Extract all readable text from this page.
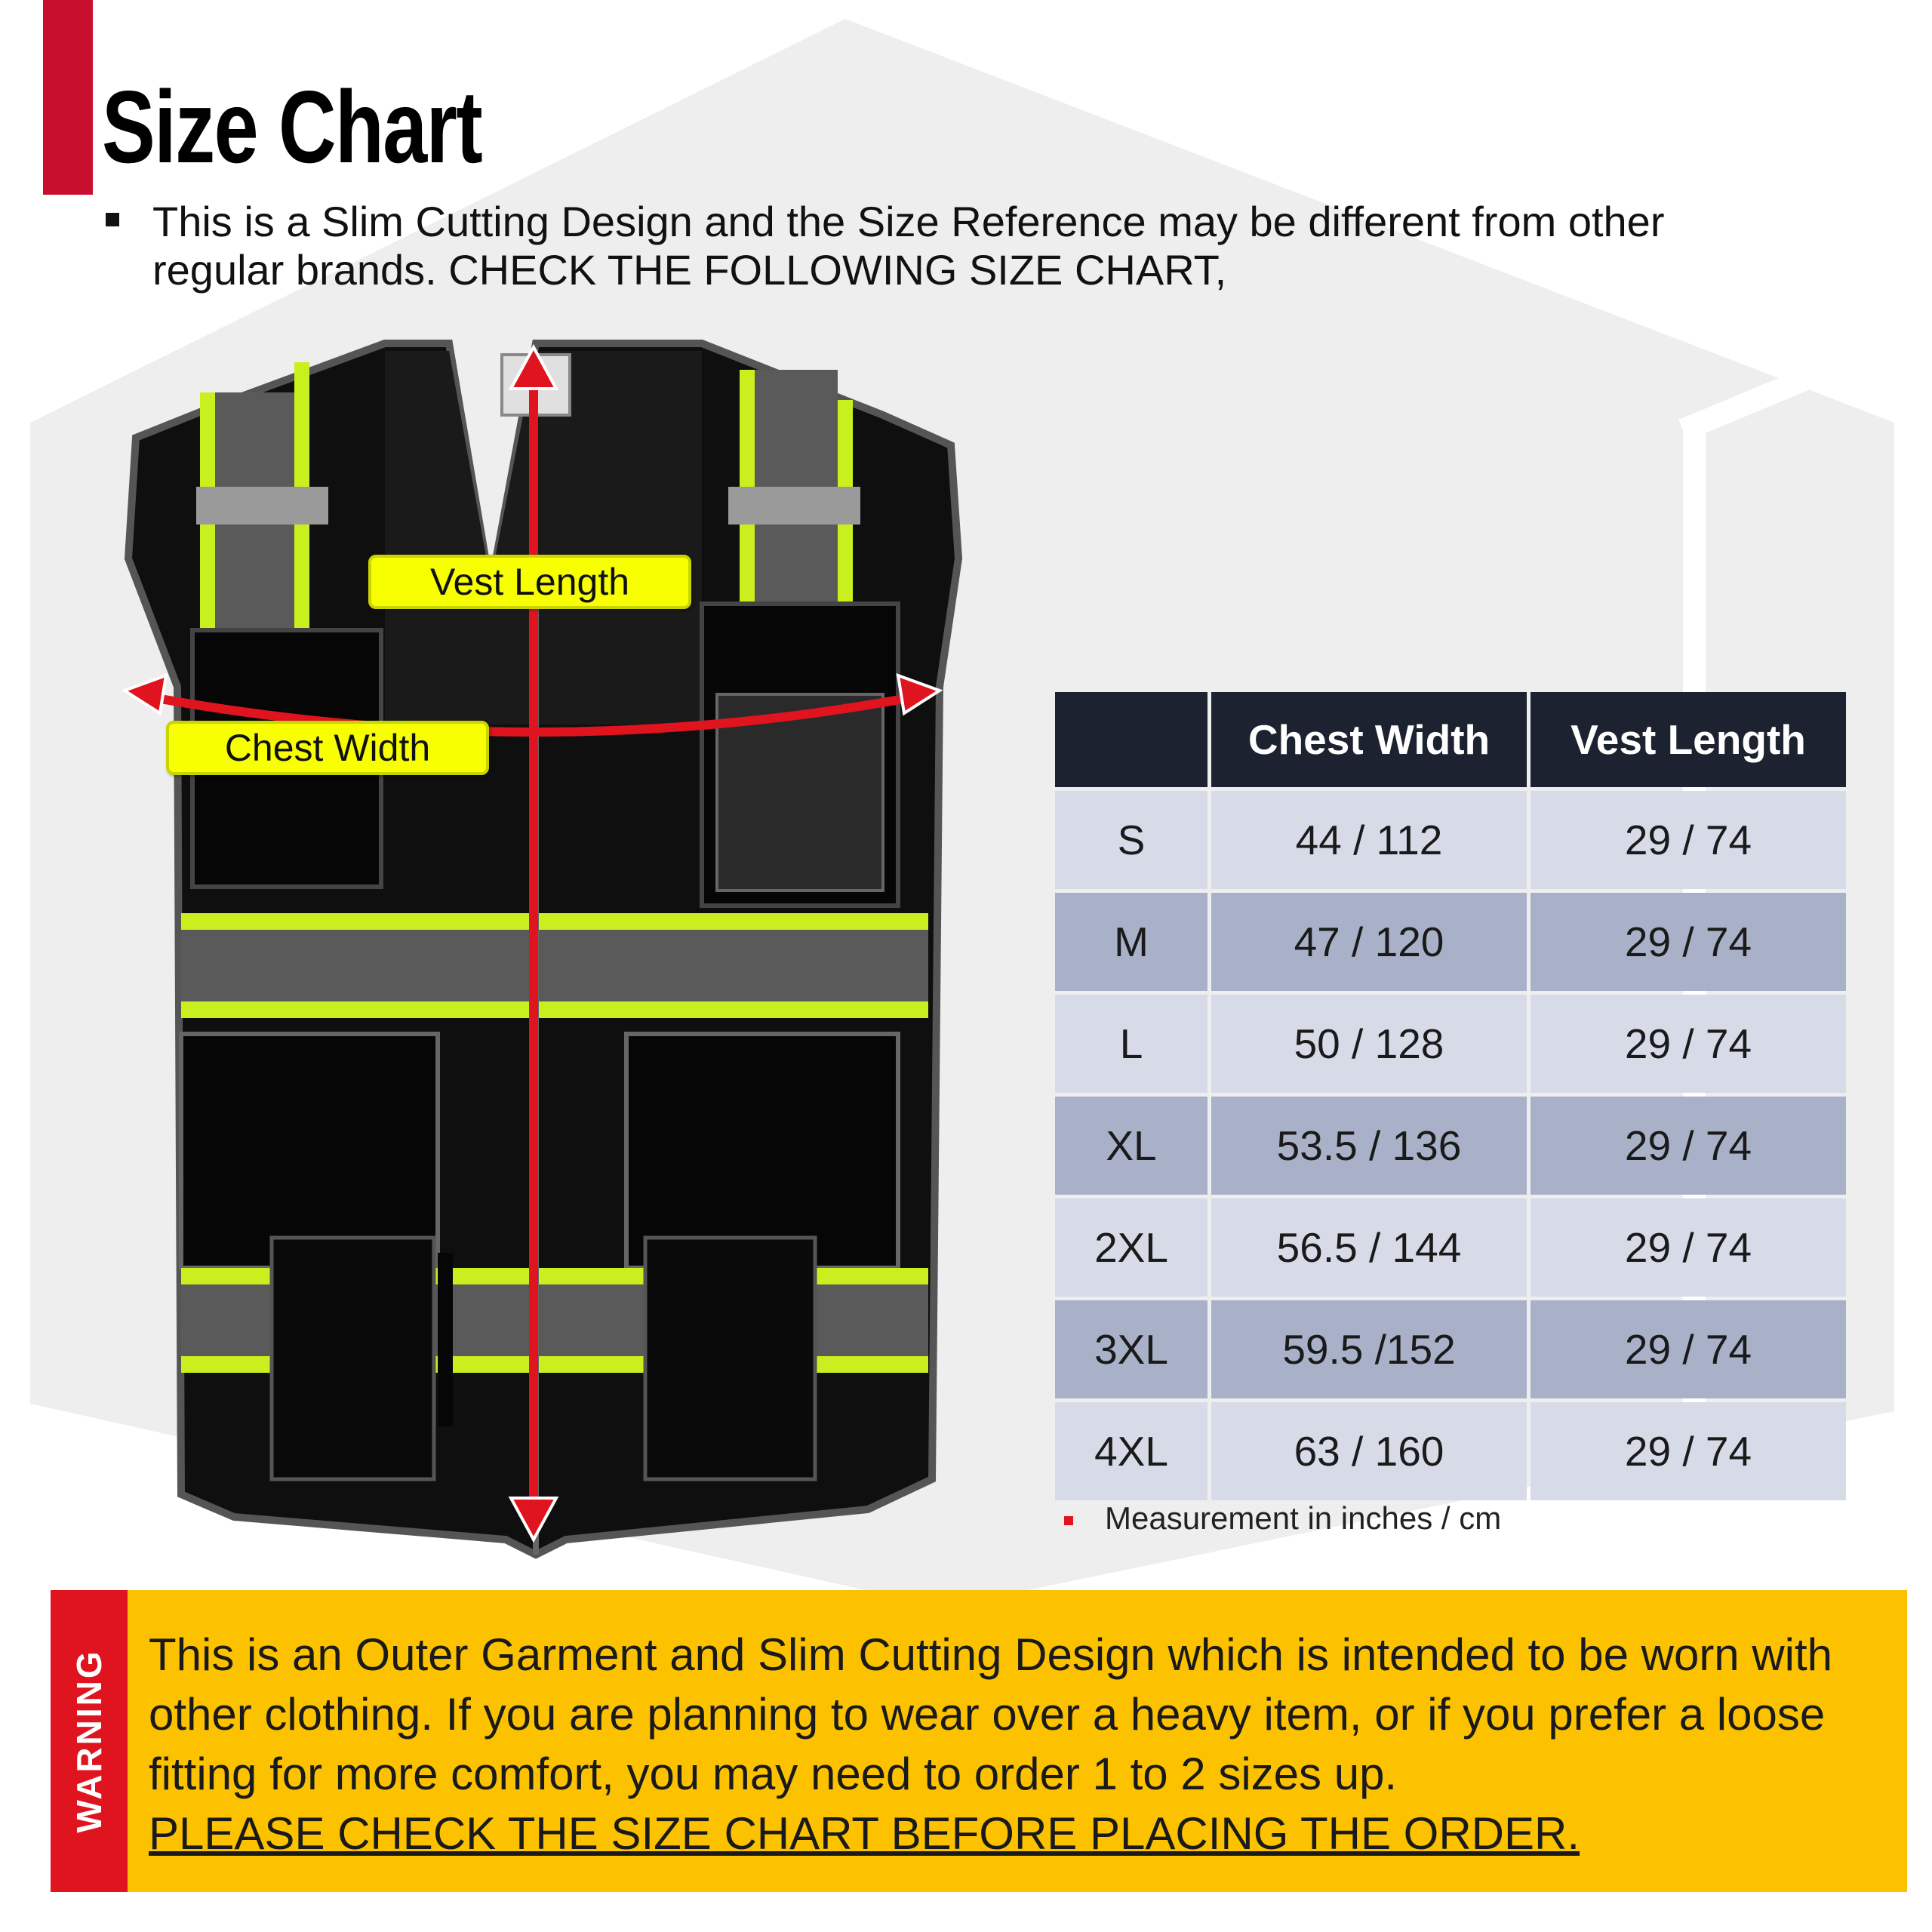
Size Chart
This is a Slim Cutting Design and the Size Reference may be different from other regular brands. CHECK THE FOLLOWING SIZE CHART,
Vest Length
Chest Width
		Chest Width	Vest Length
S	44 / 112	29 / 74
M	47 / 120	29 / 74
L	50 / 128	29 / 74
XL	53.5 / 136	29 / 74
2XL	56.5 / 144	29 / 74
3XL	59.5 /152	29 / 74
4XL	63 / 160	29 / 74
Measurement in inches / cm
WARNING This is an Outer Garment and Slim Cutting Design which is intended to be worn with other clothing. If you are planning to wear over a heavy item, or if you prefer a loose fitting for more comfort, you may need to order 1 to 2 sizes up.
PLEASE CHECK THE SIZE CHART BEFORE PLACING THE ORDER.
